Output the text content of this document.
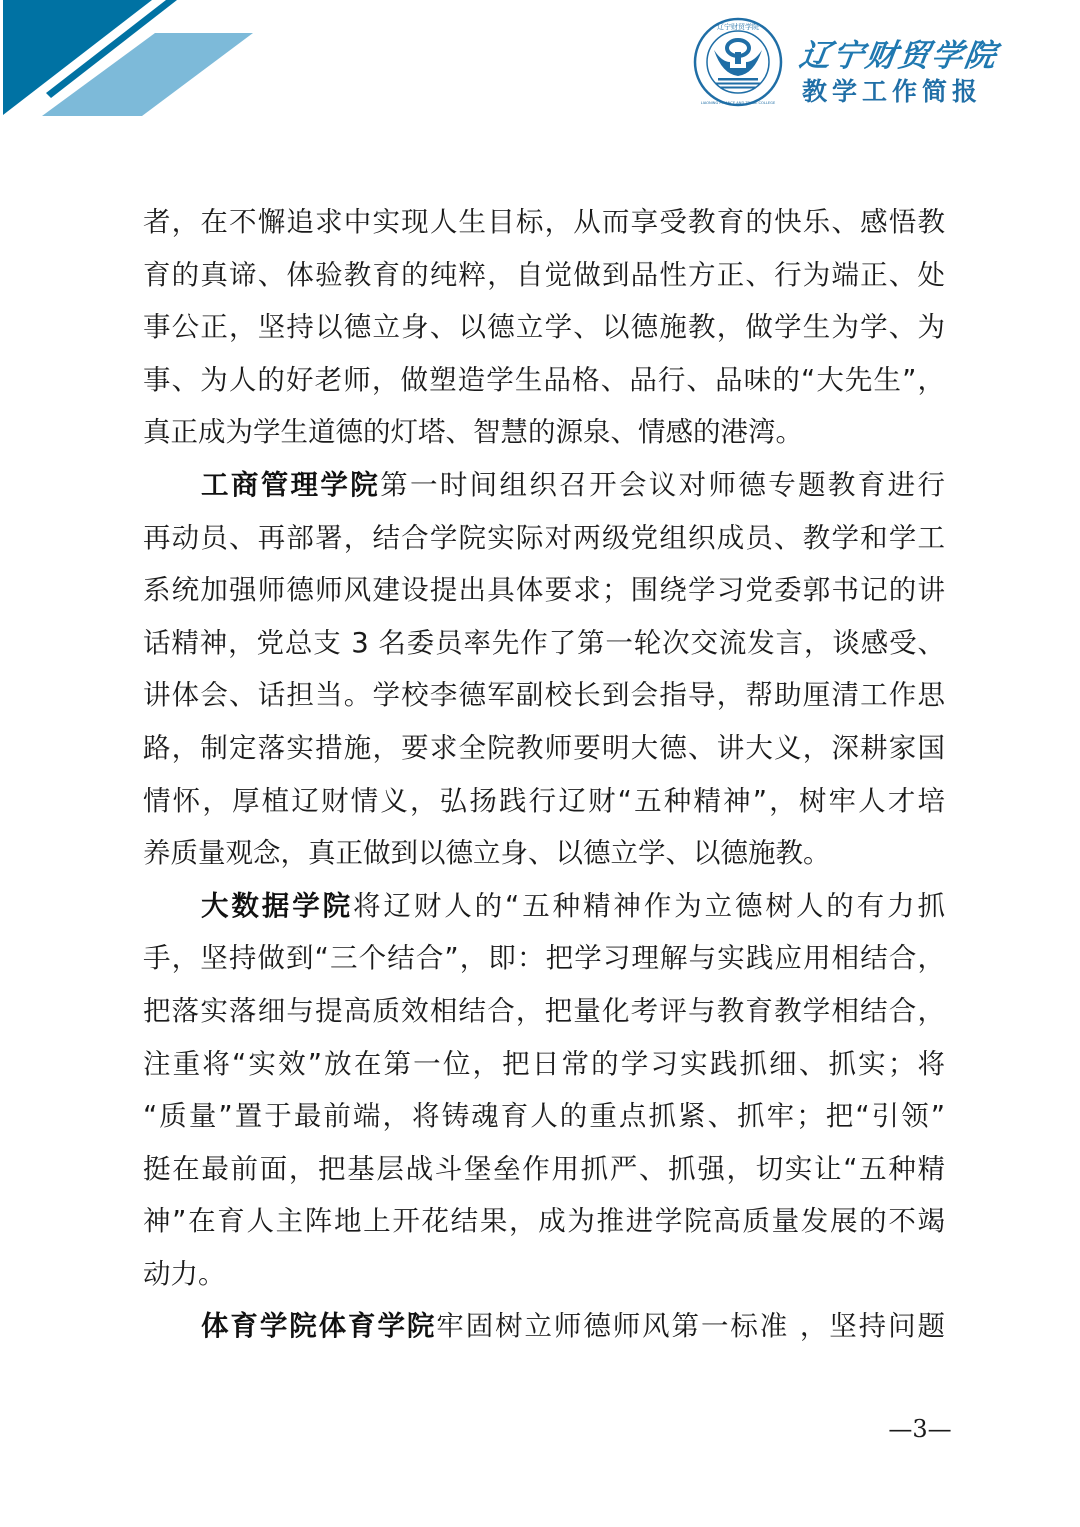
辽宁财贸学院
LIAONING FINANCE AND TRADE COLLEGE
辽宁财贸学院
教学工作简报
者，在不懈追求中实现人生目标，从而享受教育的快乐、感悟教
育的真谛、体验教育的纯粹，自觉做到品性方正、行为端正、处
事公正，坚持以德立身、以德立学、以德施教，做学生为学、为
事、为人的好老师，做塑造学生品格、品行、品味的“大先生”，
真正成为学生道德的灯塔、智慧的源泉、情感的港湾。
工商管理学院第一时间组织召开会议对师德专题教育进行
再动员、再部署，结合学院实际对两级党组织成员、教学和学工
系统加强师德师风建设提出具体要求；围绕学习党委郭书记的讲
话精神，党总支 3 名委员率先作了第一轮次交流发言，谈感受、
讲体会、话担当。学校李德军副校长到会指导，帮助厘清工作思
路，制定落实措施，要求全院教师要明大德、讲大义，深耕家国
情怀，厚植辽财情义，弘扬践行辽财“五种精神”，树牢人才培
养质量观念，真正做到以德立身、以德立学、以德施教。
大数据学院将辽财人的“五种精神作为立德树人的有力抓
手，坚持做到“三个结合”，即：把学习理解与实践应用相结合，
把落实落细与提高质效相结合，把量化考评与教育教学相结合，
注重将“实效”放在第一位，把日常的学习实践抓细、抓实；将
“质量”置于最前端，将铸魂育人的重点抓紧、抓牢；把“引领”
挺在最前面，把基层战斗堡垒作用抓严、抓强，切实让“五种精
神”在育人主阵地上开花结果，成为推进学院高质量发展的不竭
动力。
体育学院体育学院牢固树立师德师风第一标准 ，坚持问题
—3—
